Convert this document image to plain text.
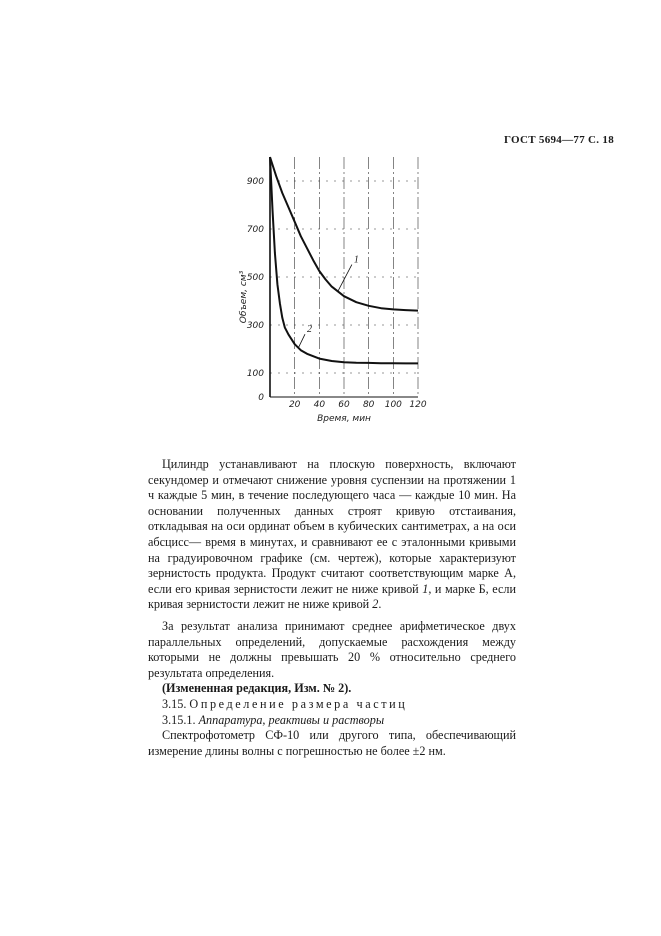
ГОСТ 5694—77 С. 18
20 40 60 80 100 120
0
100
300
500
700
900
Время, мин
Объем, см³
1
2

Цилиндр устанавливают на плоскую поверхность, включают секундомер и отмечают снижение уровня суспензии на протяжении 1 ч каждые 5 мин, в течение последующего часа — каждые 10 мин. На основании полученных данных строят кривую отстаивания, откладывая на оси ординат объем в кубических сантиметрах, а на оси абсцисс— время в минутах, и сравнивают ее с эталонными кривыми на градуировочном графике (см. чертеж), которые характеризуют зернистость продукта. Продукт считают соответствующим марке А, если его кривая зернистости лежит не ниже кривой 1, и марке Б, если кривая зернистости лежит не ниже кривой 2.

За результат анализа принимают среднее арифметическое двух параллельных определений, допускаемые расхождения между которыми не должны превышать 20 % относительно среднего результата определения.

(Измененная редакция, Изм. № 2).

3.15. Определение размера частиц

3.15.1. Аппаратура, реактивы и растворы

Спектрофотометр СФ-10 или другого типа, обеспечивающий измерение длины волны с погрешностью не более ±2 нм.
